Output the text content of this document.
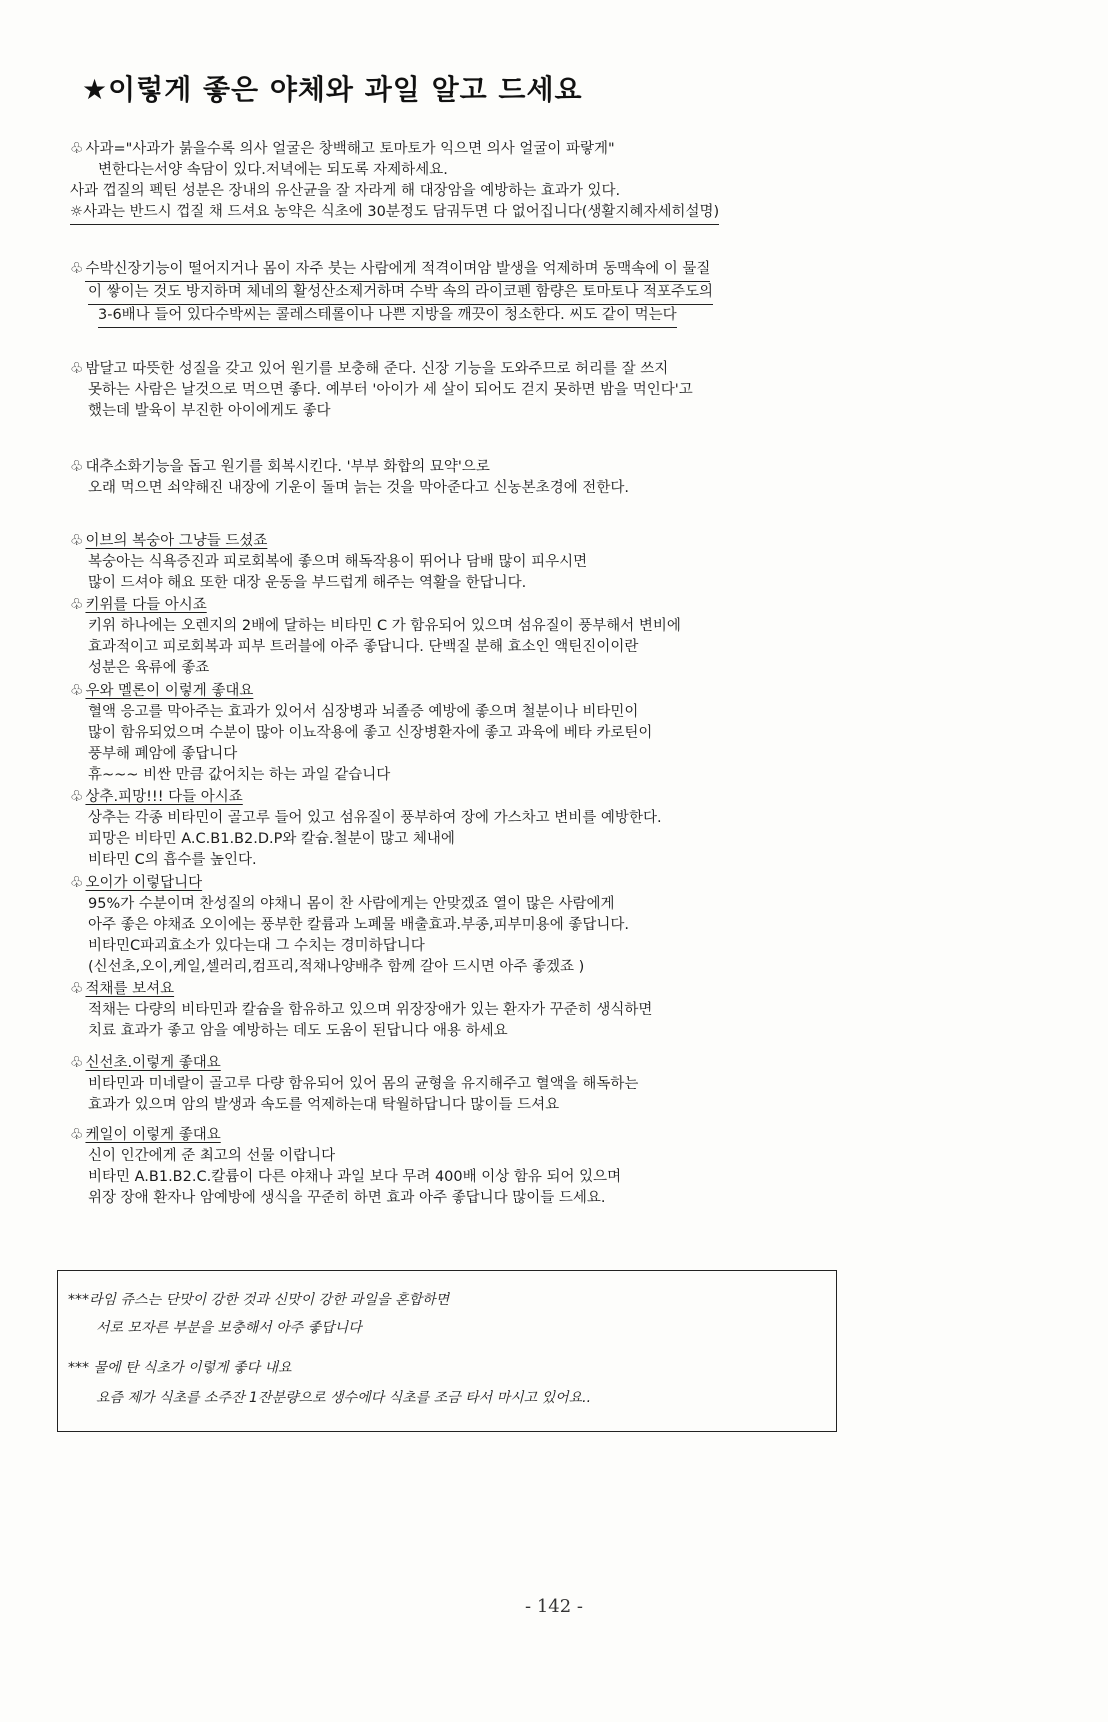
★이렇게 좋은 야체와 과일 알고 드세요
♧ 사과="사과가 붉을수록 의사 얼굴은 창백해고 토마토가 익으면 의사 얼굴이 파랗게"
변한다는서양 속담이 있다.저녁에는 되도록 자제하세요.
사과 껍질의 펙틴 성분은 장내의 유산균을 잘 자라게 해 대장암을 예방하는 효과가 있다.
☼사과는 반드시 껍질 채 드셔요 농약은 식초에 30분정도 담궈두면 다 없어집니다(생활지혜자세히설명)
♧ 수박신장기능이 떨어지거나 몸이 자주 붓는 사람에게 적격이며암 발생을 억제하며 동맥속에 이 물질
이 쌓이는 것도 방지하며 체네의 활성산소제거하며 수박 속의 라이코펜 함량은 토마토나 적포주도의
3-6배나 들어 있다수박씨는 콜레스테롤이나 나쁜 지방을 깨끗이 청소한다. 씨도 같이 먹는다
♧ 밤달고 따뜻한 성질을 갖고 있어 원기를 보충해 준다. 신장 기능을 도와주므로 허리를 잘 쓰지
못하는 사람은 날것으로 먹으면 좋다. 예부터 '아이가 세 살이 되어도 걷지 못하면 밤을 먹인다'고
했는데 발육이 부진한 아이에게도 좋다
♧ 대추소화기능을 돕고 원기를 회복시킨다. '부부 화합의 묘약'으로
오래 먹으면 쇠약해진 내장에 기운이 돌며 늙는 것을 막아준다고 신농본초경에 전한다.
♧ 이브의 복숭아 그냥들 드셨죠
복숭아는 식욕증진과 피로회복에 좋으며 해독작용이 뛰어나 담배 많이 피우시면
많이 드셔야 해요 또한 대장 운동을 부드럽게 해주는 역활을 한답니다.
♧ 키위를 다들 아시죠
키위 하나에는 오렌지의 2배에 달하는 비타민 C 가 함유되어 있으며 섬유질이 풍부해서 변비에
효과적이고 피로회복과 피부 트러블에 아주 좋답니다. 단백질 분해 효소인 액틴진이이란
성분은 육류에 좋죠
♧ 우와 멜론이 이렇게 좋대요
혈액 응고를 막아주는 효과가 있어서 심장병과 뇌졸증 예방에 좋으며 철분이나 비타민이
많이 함유되었으며 수분이 많아 이뇨작용에 좋고 신장병환자에 좋고 과육에 베타 카로틴이
풍부해 폐암에 좋답니다
휴~~~ 비싼 만큼 값어치는 하는 과일 같습니다
♧ 상추.피망!!! 다들 아시죠
상추는 각종 비타민이 골고루 들어 있고 섬유질이 풍부하여 장에 가스차고 변비를 예방한다.
피망은 비타민 A.C.B1.B2.D.P와 칼슘.철분이 많고 체내에
비타민 C의 흡수를 높인다.
♧ 오이가 이렇답니다
95%가 수분이며 찬성질의 야채니 몸이 찬 사람에게는 안맞겠죠 열이 많은 사람에게
아주 좋은 야채죠 오이에는 풍부한 칼륨과 노폐물 배출효과.부종,피부미용에 좋답니다.
비타민C파괴효소가 있다는대 그 수치는 경미하답니다
(신선초,오이,케일,셀러리,컴프리,적채나양배추 함께 갈아 드시면 아주 좋겠죠 )
♧ 적채를 보셔요
적채는 다량의 비타민과 칼슘을 함유하고 있으며 위장장애가 있는 환자가 꾸준히 생식하면
치료 효과가 좋고 암을 예방하는 데도 도움이 된답니다 애용 하세요
♧ 신선초.이렇게 좋대요
비타민과 미네랄이 골고루 다량 함유되어 있어 몸의 균형을 유지해주고 혈액을 해독하는
효과가 있으며 암의 발생과 속도를 억제하는대 탁월하답니다 많이들 드셔요
♧ 케일이 이렇게 좋대요
신이 인간에게 준 최고의 선물 이랍니다
비타민 A.B1.B2.C.칼륨이 다른 야채나 과일 보다 무려 400배 이상 함유 되어 있으며
위장 장애 환자나 암예방에 생식을 꾸준히 하면 효과 아주 좋답니다 많이들 드세요.
***라임 쥬스는 단맛이 강한 것과 신맛이 강한 과일을 혼합하면
서로 모자른 부분을 보충해서 아주 좋답니다
*** 물에 탄 식초가 이렇게 좋다 내요
요즘 제가 식초를 소주잔 1잔분량으로 생수에다 식초를 조금 타서 마시고 있어요..
- 142 -
